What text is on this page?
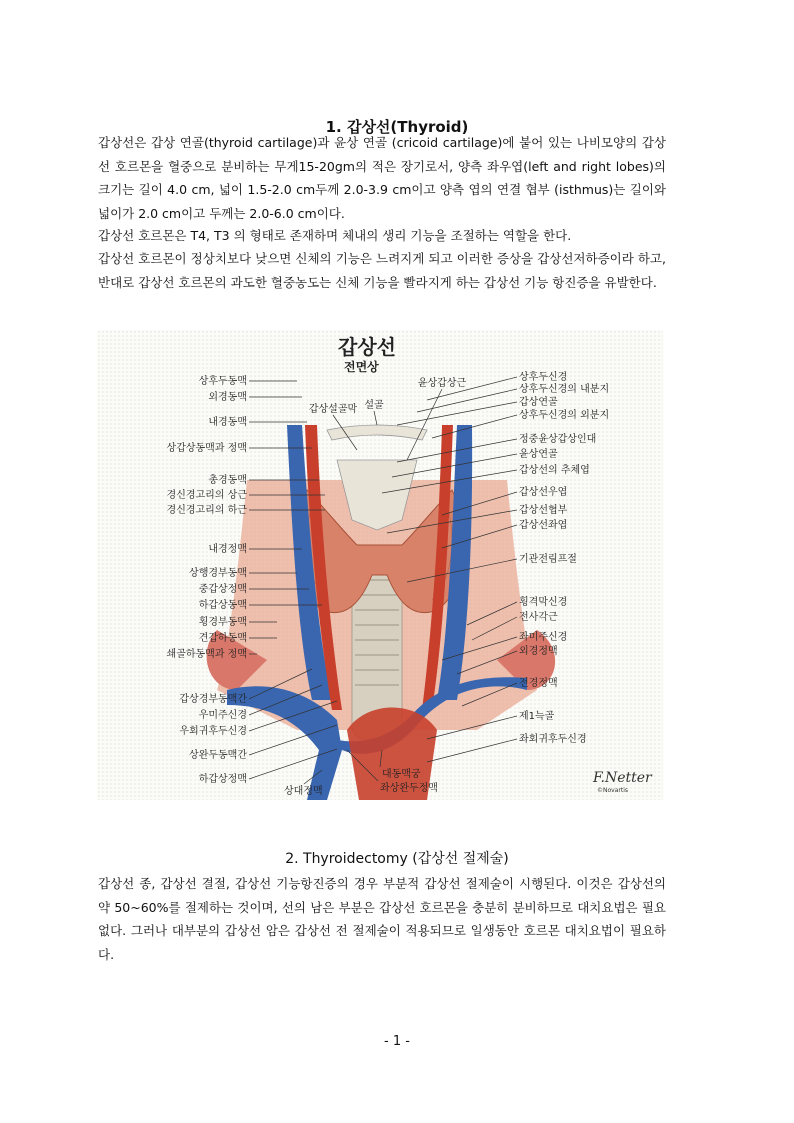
1. 갑상선(Thyroid)
갑상선은 갑상 연골(thyroid cartilage)과 윤상 연골 (cricoid cartilage)에 붙어 있는 나비모양의 갑상선 호르몬을 혈중으로 분비하는 무게15-20gm의 적은 장기로서, 양측 좌우엽(left and right lobes)의 크기는 길이 4.0 cm, 넓이 1.5-2.0 cm두께 2.0-3.9 cm이고 양측 엽의 연결 협부 (isthmus)는 길이와 넓이가 2.0 cm이고 두께는 2.0-6.0 cm이다.
갑상선 호르몬은 T4, T3 의 형태로 존재하며 체내의 생리 기능을 조절하는 역할을 한다.
갑상선 호르몬이 정상치보다 낮으면 신체의 기능은 느려지게 되고 이러한 증상을 갑상선저하증이라 하고, 반대로 갑상선 호르몬의 과도한 혈중농도는 신체 기능을 빨라지게 하는 갑상선 기능 항진증을 유발한다.
갑상선
전면상
상후두동맥
외경동맥
내경동맥
상갑상동맥과 정맥
총경동맥
경신경고리의 상근
경신경고리의 하근
내경정맥
상행경부동맥
중갑상정맥
하갑상동맥
횡경부동맥
견갑하동맥
쇄골하동맥과 정맥
갑상경부동맥간
우미주신경
우회귀후두신경
상완두동맥간
하갑상정맥
상후두신경
상후두신경의 내분지
갑상연골
상후두신경의 외분지
정중윤상갑상인대
윤상연골
갑상선의 추체엽
갑상선우엽
갑상선협부
갑상선좌엽
기관전림프절
횡격막신경
전사각근
좌미주신경
외경정맥
전경정맥
제1늑골
좌회귀후두신경
갑상설골막 설골
윤상갑상근
상대정맥
대동맥궁
좌상완두정맥
F.Netter
©Novartis
2. Thyroidectomy (갑상선 절제술)
갑상선 종, 갑상선 결절, 갑상선 기능항진증의 경우 부분적 갑상선 절제술이 시행된다. 이것은 갑상선의 약 50~60%를 절제하는 것이며, 선의 남은 부분은 갑상선 호르몬을 충분히 분비하므로 대치요법은 필요 없다. 그러나 대부분의 갑상선 암은 갑상선 전 절제술이 적용되므로 일생동안 호르몬 대치요법이 필요하다.
- 1 -
